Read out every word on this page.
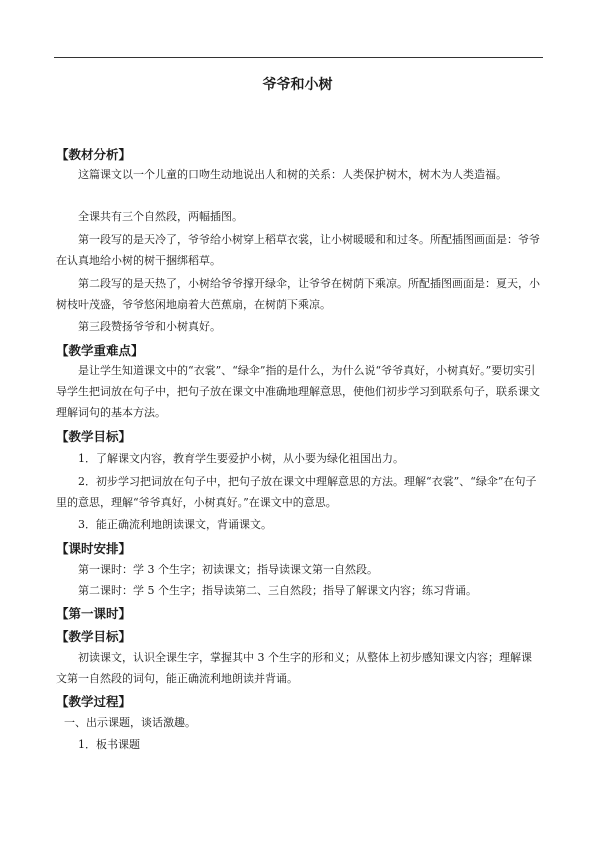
爷爷和小树
【教材分析】
这篇课文以一个儿童的口吻生动地说出人和树的关系：人类保护树木，树木为人类造福。
全课共有三个自然段，两幅插图。
第一段写的是天冷了，爷爷给小树穿上稻草衣裳，让小树暖暖和和过冬。所配插图画面是：爷爷在认真地给小树的树干捆绑稻草。
第二段写的是天热了，小树给爷爷撑开绿伞，让爷爷在树荫下乘凉。所配插图画面是：夏天，小树枝叶茂盛，爷爷悠闲地扇着大芭蕉扇，在树荫下乘凉。
第三段赞扬爷爷和小树真好。
【教学重难点】
是让学生知道课文中的“衣裳”、“绿伞”指的是什么，为什么说“爷爷真好，小树真好。”要切实引导学生把词放在句子中，把句子放在课文中准确地理解意思，使他们初步学习到联系句子，联系课文理解词句的基本方法。
【教学目标】
1．了解课文内容，教育学生要爱护小树，从小要为绿化祖国出力。
2．初步学习把词放在句子中，把句子放在课文中理解意思的方法。理解“衣裳”、“绿伞”在句子里的意思，理解“爷爷真好，小树真好。”在课文中的意思。
3．能正确流利地朗读课文，背诵课文。
【课时安排】
第一课时：学 3 个生字；初读课文；指导读课文第一自然段。
第二课时：学 5 个生字；指导读第二、三自然段；指导了解课文内容；练习背诵。
【第一课时】
【教学目标】
初读课文，认识全课生字，掌握其中 3 个生字的形和义；从整体上初步感知课文内容；理解课文第一自然段的词句，能正确流利地朗读并背诵。
【教学过程】
一、出示课题，谈话激趣。
1．板书课题
